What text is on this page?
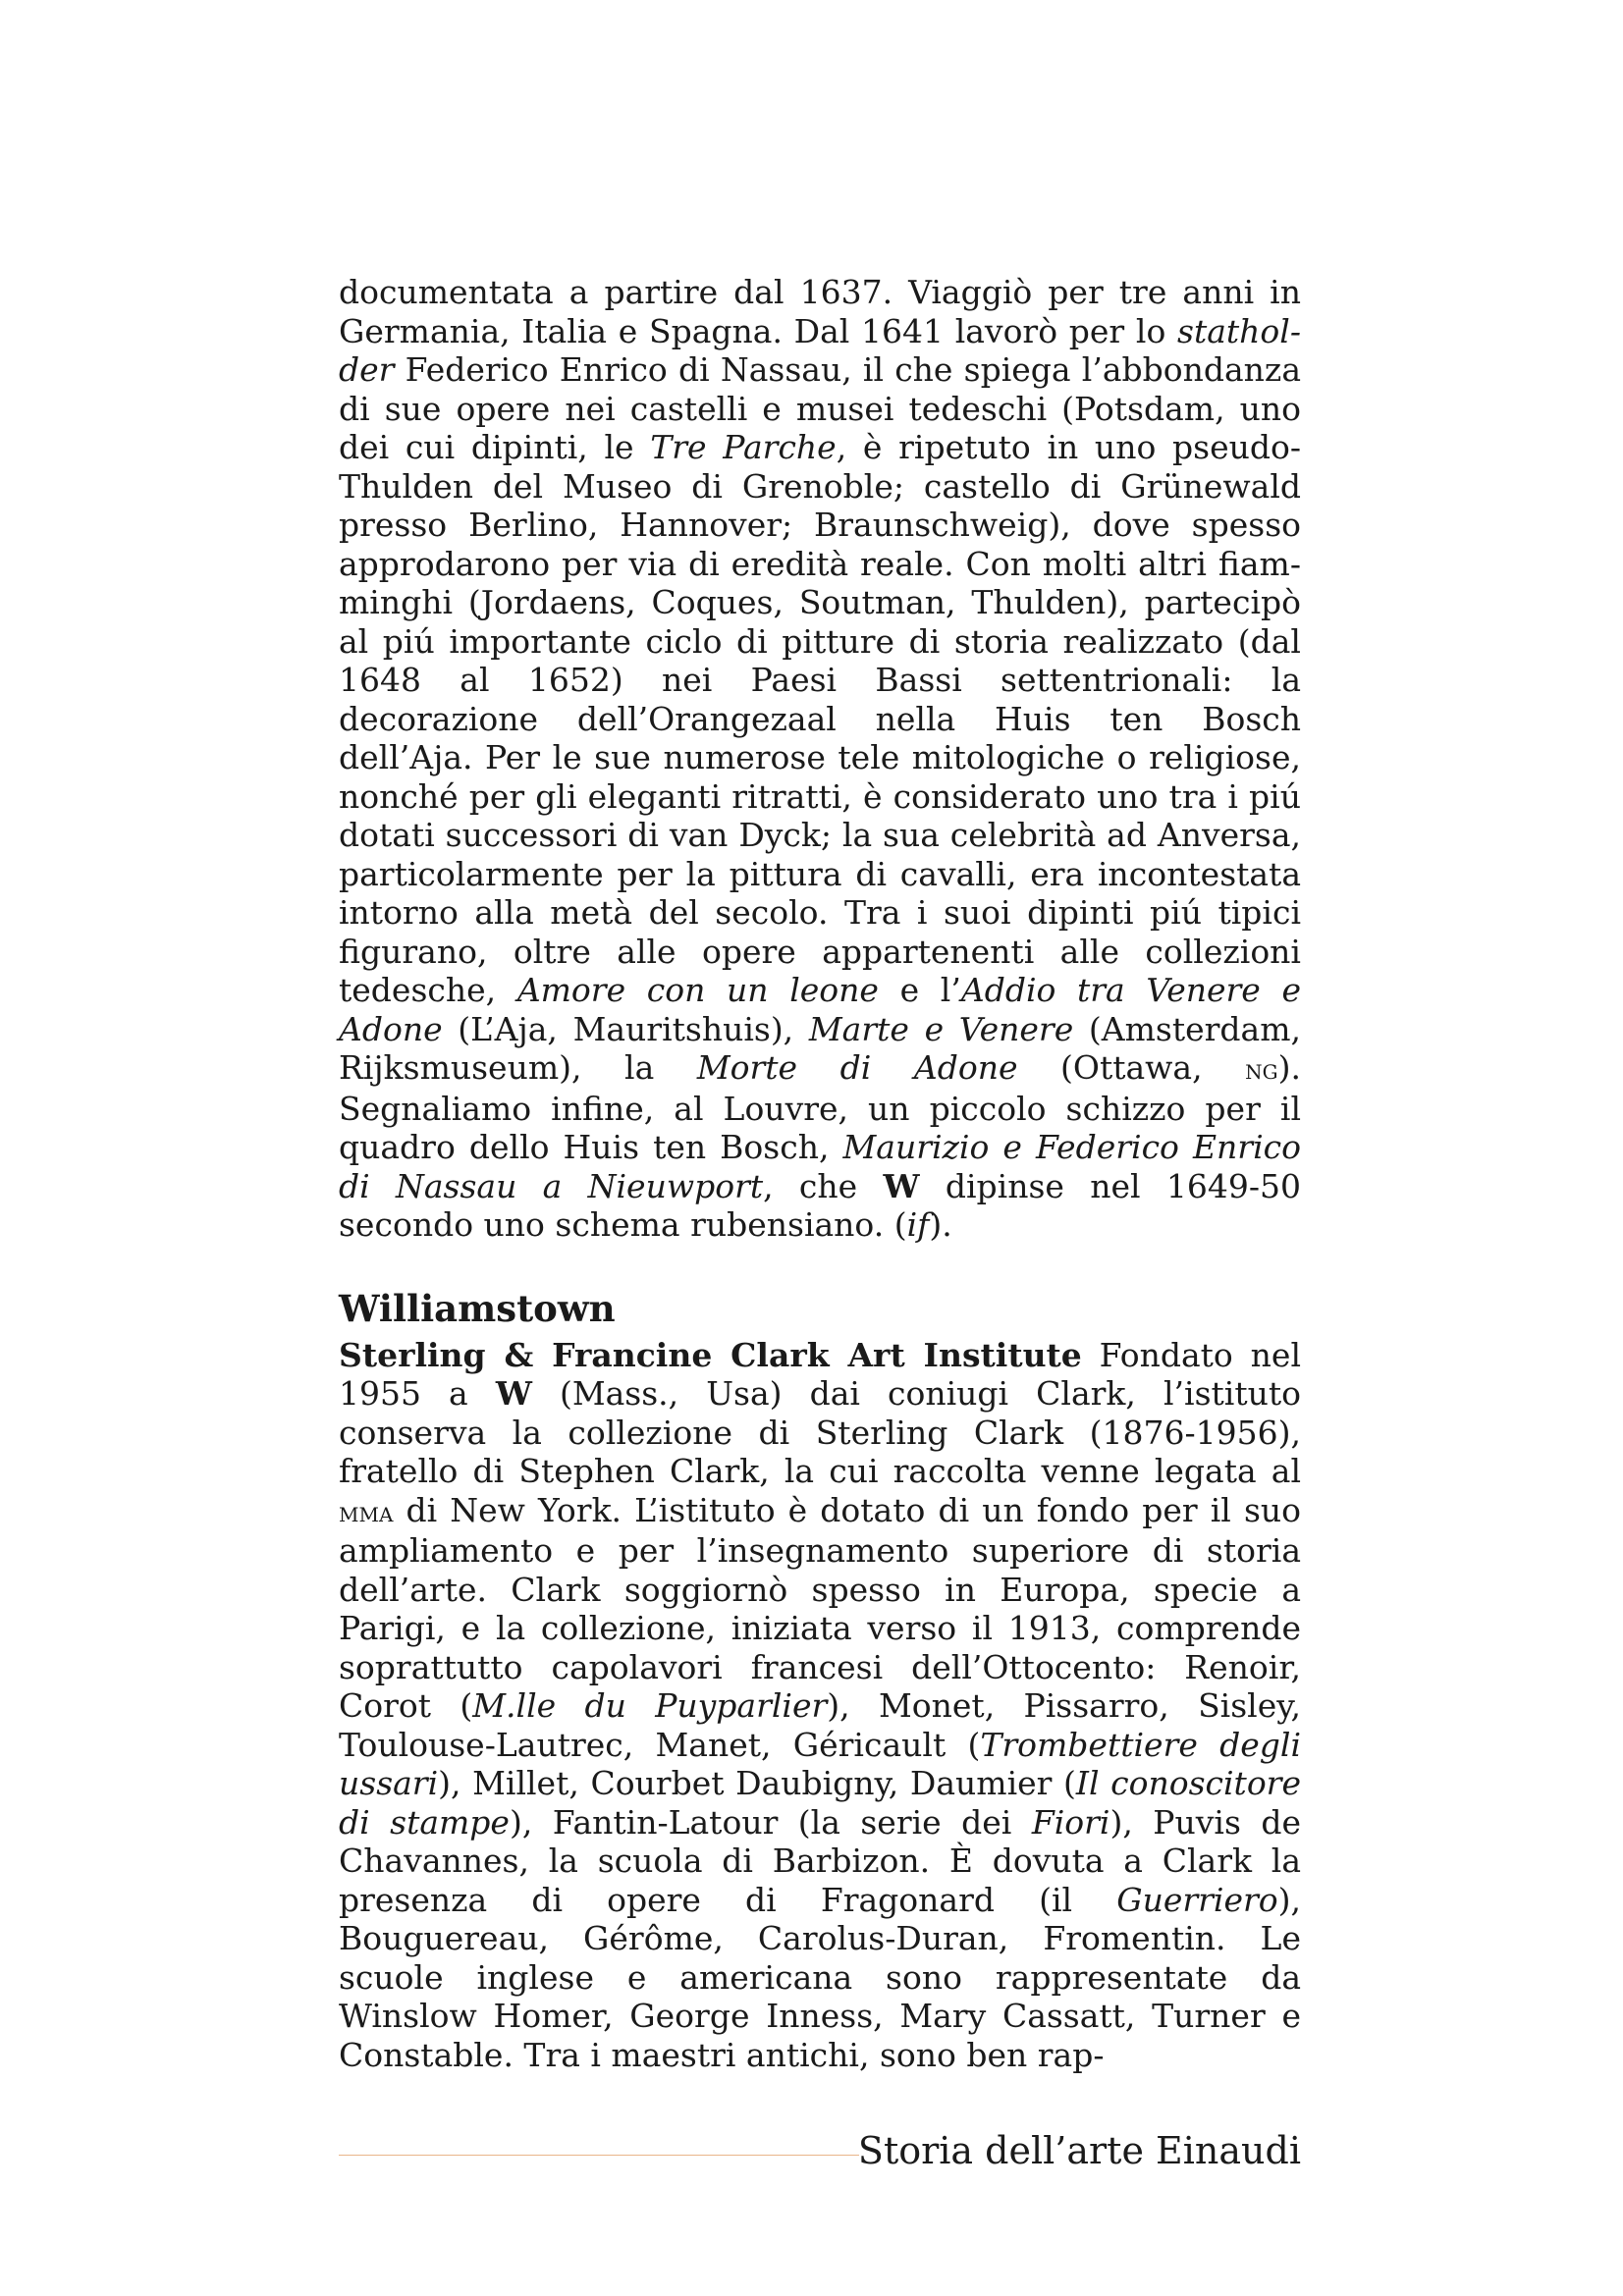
documentata a partire dal 1637. Viaggiò per tre anni in Germania, Italia e Spagna. Dal 1641 lavorò per lo statholder Federico Enrico di Nassau, il che spiega l’abbondanza di sue opere nei castelli e musei tedeschi (Potsdam, uno dei cui dipinti, le Tre Parche, è ripetuto in uno pseudo-Thulden del Museo di Grenoble; castello di Grünewald presso Berlino, Hannover; Braunschweig), dove spesso approdarono per via di eredità reale. Con molti altri fiamminghi (Jordaens, Coques, Soutman, Thulden), partecipò al piú importante ciclo di pitture di storia realizzato (dal 1648 al 1652) nei Paesi Bassi settentrionali: la decorazione dell’Orangezaal nella Huis ten Bosch dell’Aja. Per le sue numerose tele mitologiche o religiose, nonché per gli eleganti ritratti, è considerato uno tra i piú dotati successori di van Dyck; la sua celebrità ad Anversa, particolarmente per la pittura di cavalli, era incontestata intorno alla metà del secolo. Tra i suoi dipinti piú tipici figurano, oltre alle opere appartenenti alle collezioni tedesche, Amore con un leone e l’Addio tra Venere e Adone (L’Aja, Mauritshuis), Marte e Venere (Amsterdam, Rijksmuseum), la Morte di Adone (Ottawa, ng). Segnaliamo infine, al Louvre, un piccolo schizzo per il quadro dello Huis ten Bosch, Maurizio e Federico Enrico di Nassau a Nieuwport, che W dipinse nel 1649-50 secondo uno schema rubensiano. (if).

Williamstown

Sterling & Francine Clark Art Institute Fondato nel 1955 a W (Mass., Usa) dai coniugi Clark, l’istituto conserva la collezione di Sterling Clark (1876-1956), fratello di Stephen Clark, la cui raccolta venne legata al mma di New York. L’istituto è dotato di un fondo per il suo ampliamento e per l’insegnamento superiore di storia dell’arte. Clark soggiornò spesso in Europa, specie a Parigi, e la collezione, iniziata verso il 1913, comprende soprattutto capolavori francesi dell’Ottocento: Renoir, Corot (M.lle du Puyparlier), Monet, Pissarro, Sisley, Toulouse-Lautrec, Manet, Géricault (Trombettiere degli ussari), Millet, Courbet Daubigny, Daumier (Il conoscitore di stampe), Fantin-Latour (la serie dei Fiori), Puvis de Chavannes, la scuola di Barbizon. È dovuta a Clark la presenza di opere di Fragonard (il Guerriero), Bouguereau, Gérôme, Carolus-Duran, Fromentin. Le scuole inglese e americana sono rappresentate da Winslow Homer, George Inness, Mary Cassatt, Turner e Constable. Tra i maestri antichi, sono ben rap-

Storia dell’arte Einaudi
